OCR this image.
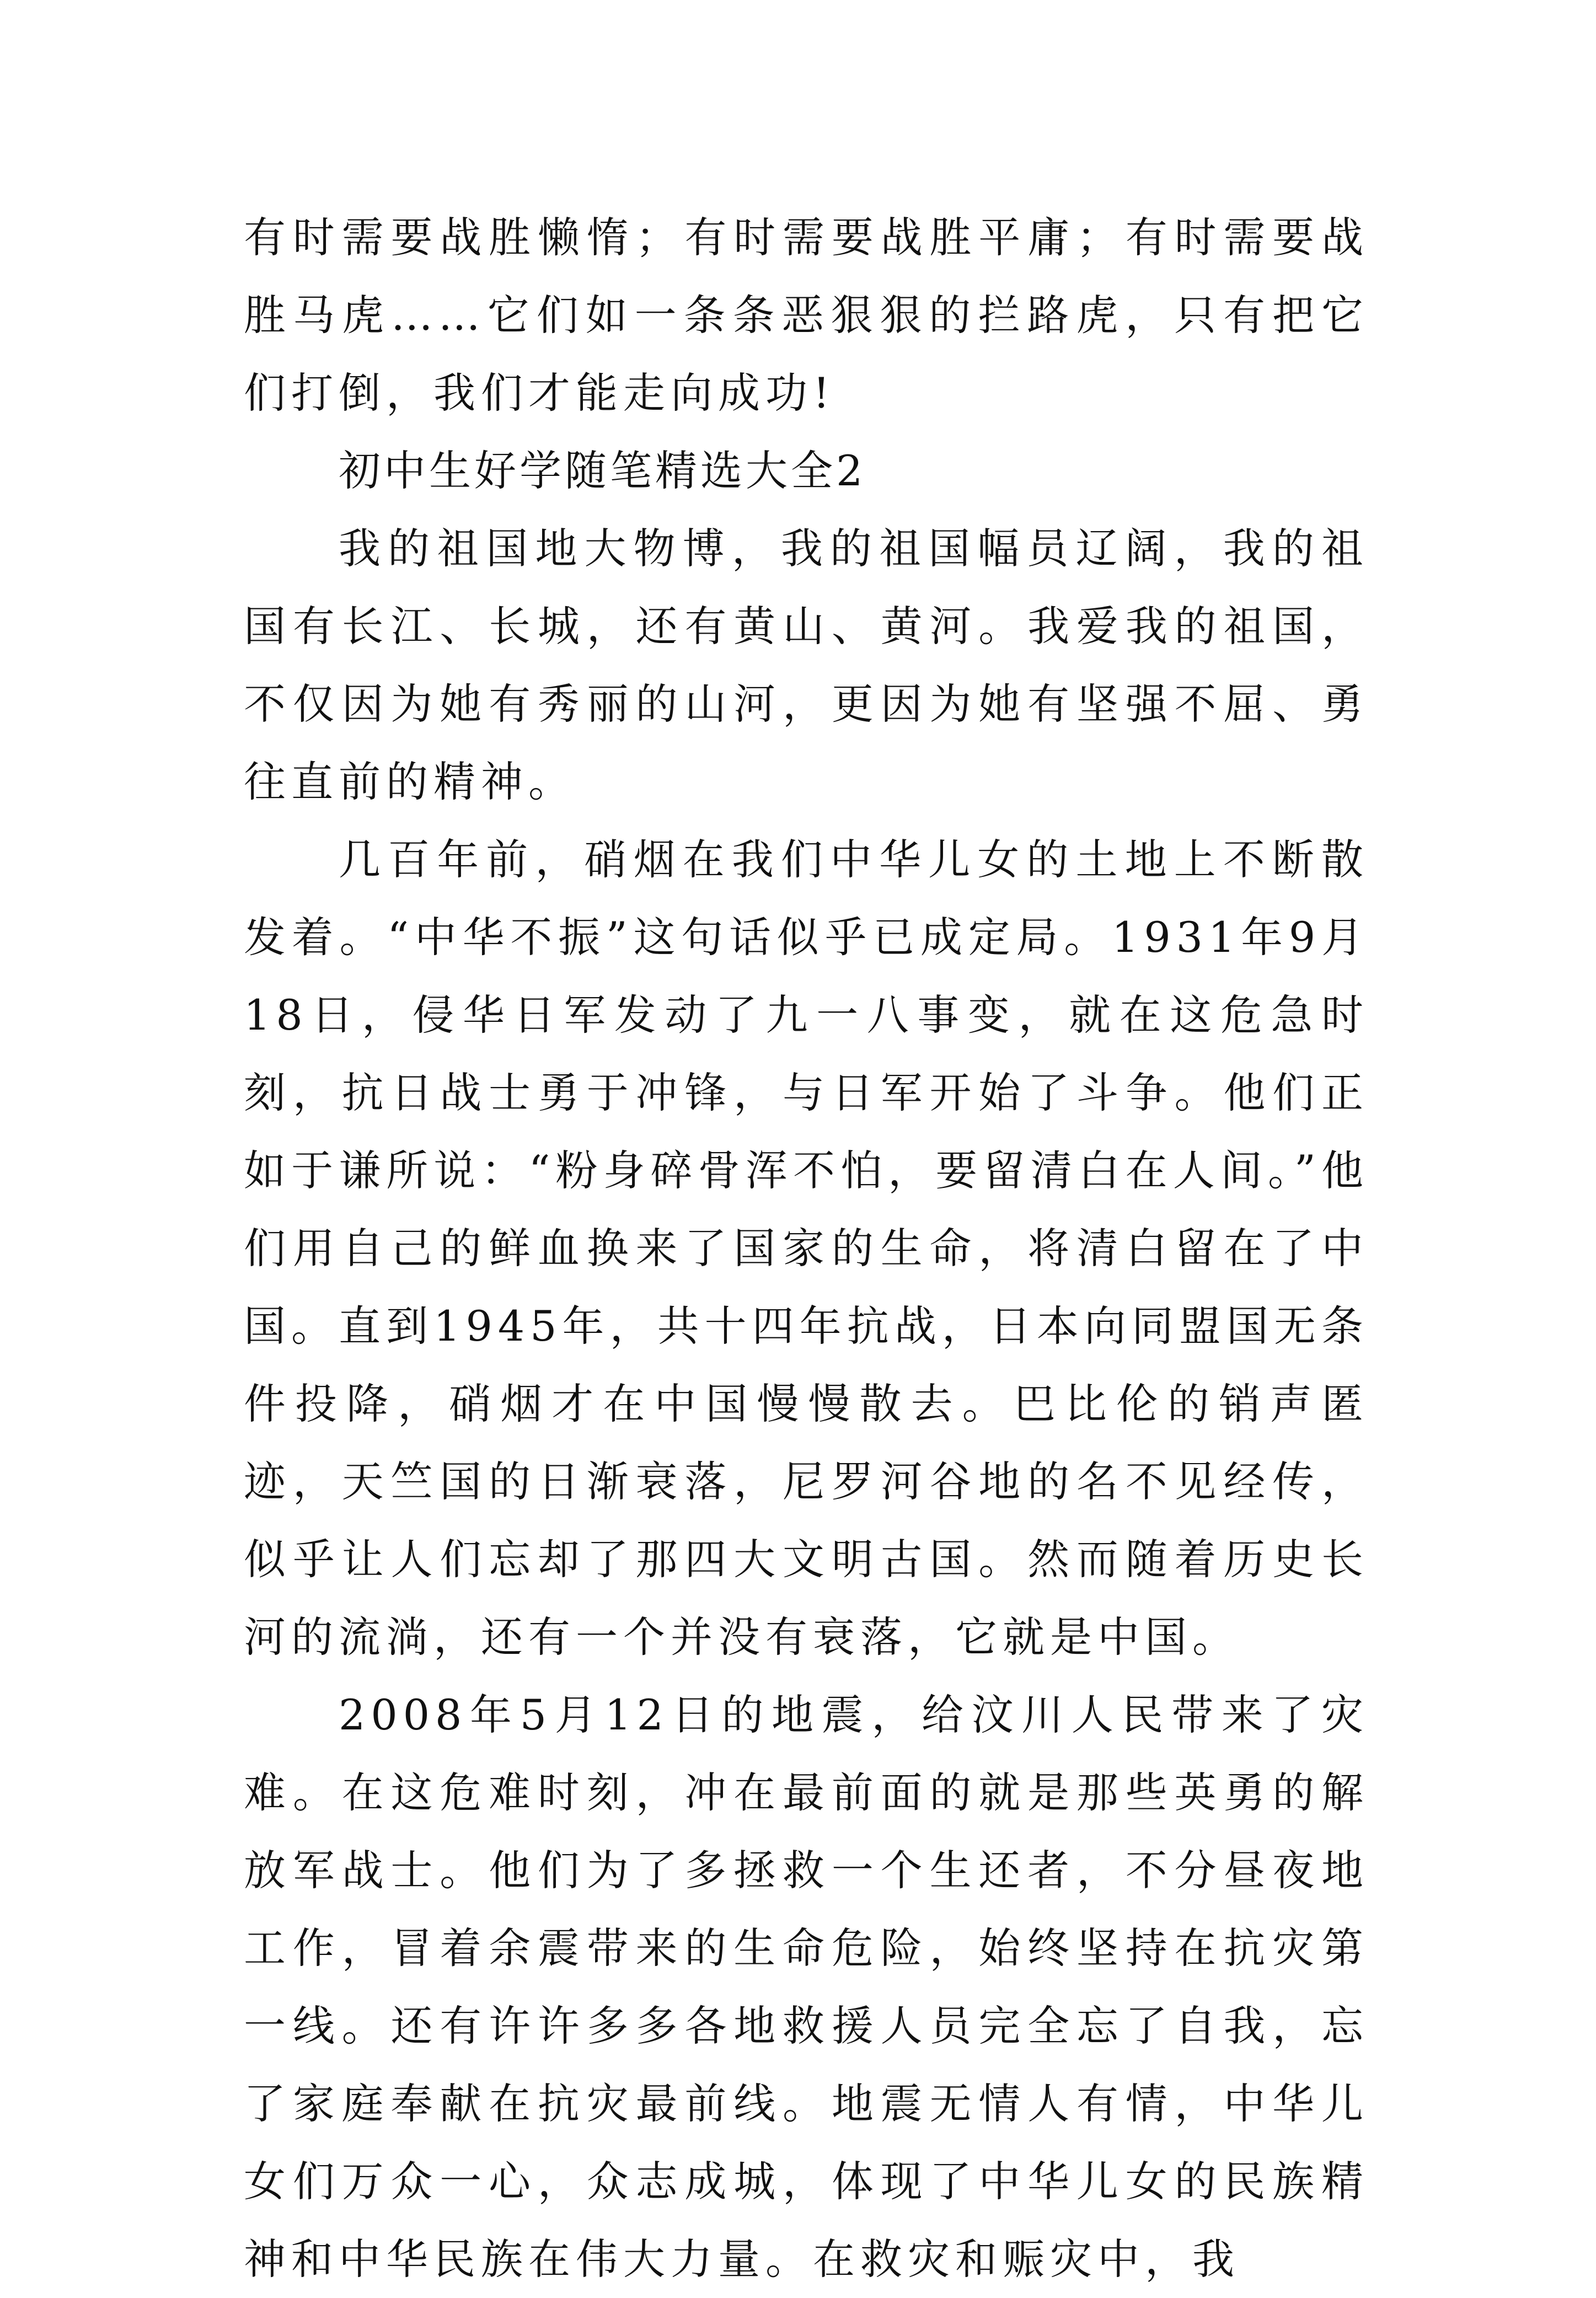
有时需要战胜懒惰；有时需要战胜平庸；有时需要战胜马虎……它们如一条条恶狠狠的拦路虎，只有把它们打倒，我们才能走向成功!

初中生好学随笔精选大全2

我的祖国地大物博，我的祖国幅员辽阔，我的祖国有长江、长城，还有黄山、黄河。我爱我的祖国，不仅因为她有秀丽的山河，更因为她有坚强不屈、勇往直前的精神。

几百年前，硝烟在我们中华儿女的土地上不断散发着。“中华不振”这句话似乎已成定局。1931年9月18日，侵华日军发动了九一八事变，就在这危急时刻，抗日战士勇于冲锋，与日军开始了斗争。他们正如于谦所说：“粉身碎骨浑不怕，要留清白在人间。”他们用自己的鲜血换来了国家的生命，将清白留在了中国。直到1945年，共十四年抗战，日本向同盟国无条件投降，硝烟才在中国慢慢散去。巴比伦的销声匿迹，天竺国的日渐衰落，尼罗河谷地的名不见经传，似乎让人们忘却了那四大文明古国。然而随着历史长河的流淌，还有一个并没有衰落，它就是中国。

2008年5月12日的地震，给汶川人民带来了灾难。在这危难时刻，冲在最前面的就是那些英勇的解放军战士。他们为了多拯救一个生还者，不分昼夜地工作，冒着余震带来的生命危险，始终坚持在抗灾第一线。还有许许多多各地救援人员完全忘了自我，忘了家庭奉献在抗灾最前线。地震无情人有情，中华儿女们万众一心，众志成城，体现了中华儿女的民族精神和中华民族在伟大力量。在救灾和赈灾中，我
